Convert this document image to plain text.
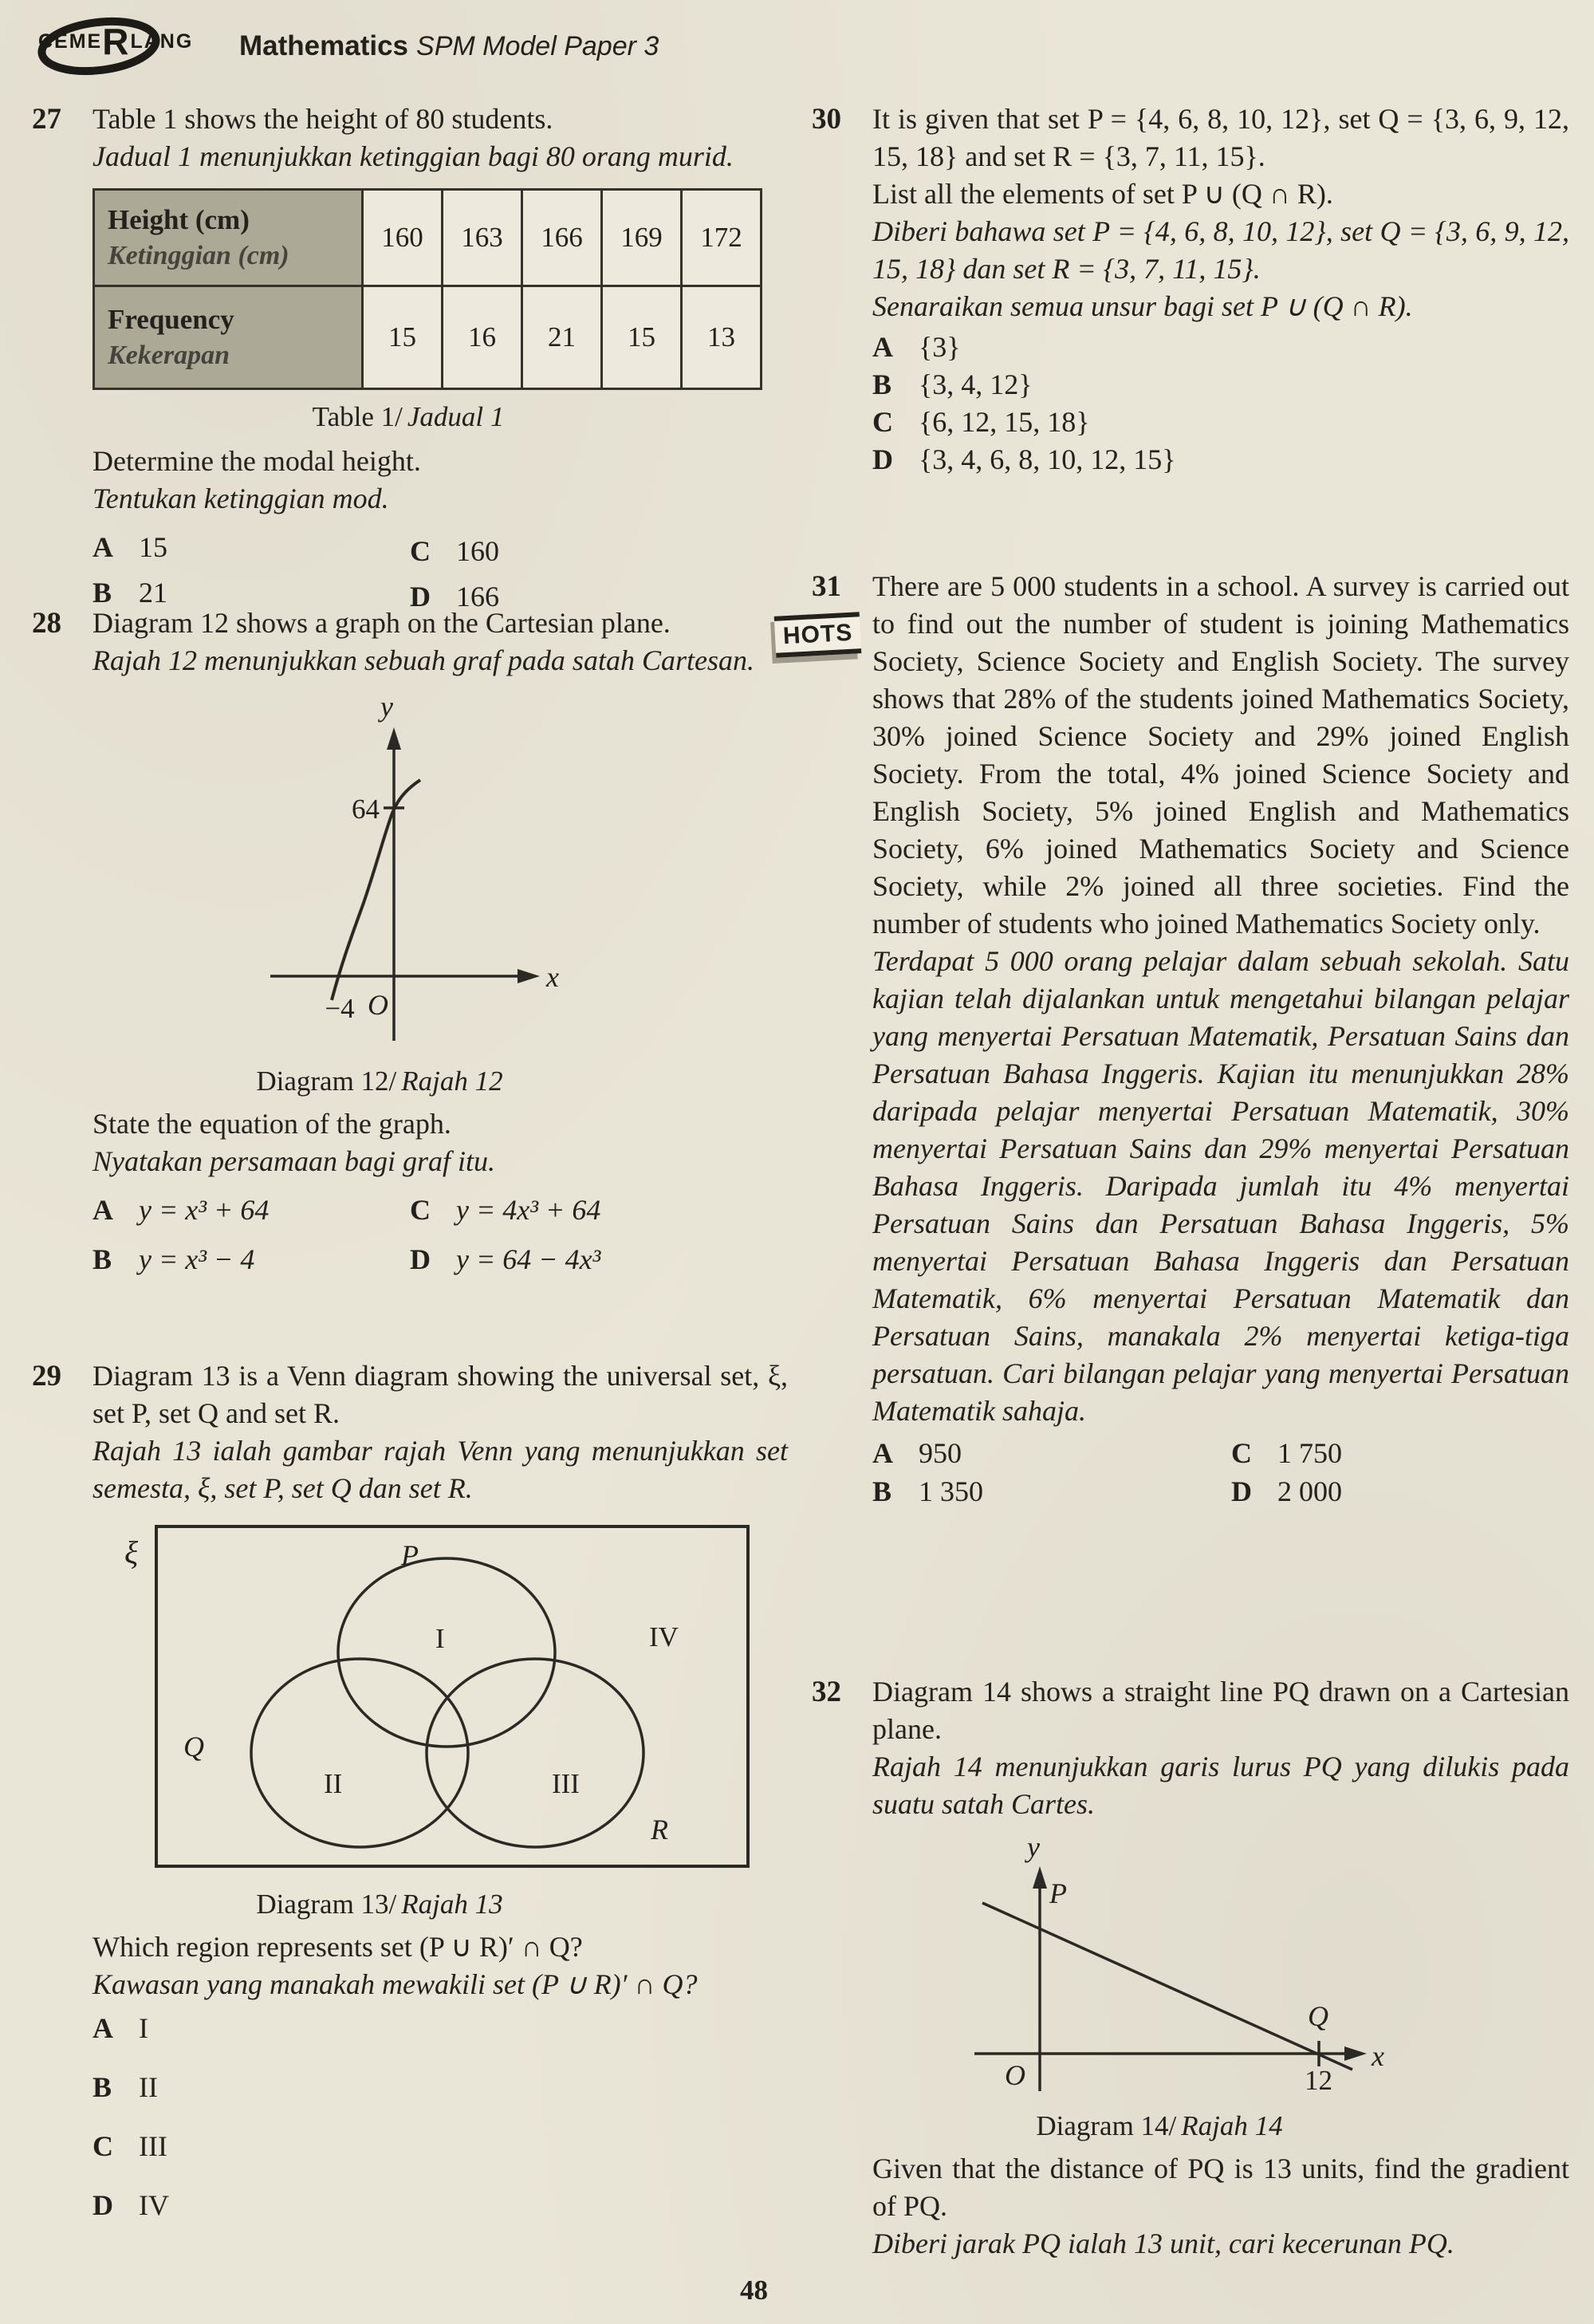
CEMERLANG Mathematics SPM Model Paper 3
27 Table 1 shows the height of 80 students.
Jadual 1 menunjukkan ketinggian bagi 80 orang murid.
Height (cm)
Ketinggian (cm)	160	163	166	169	172

Frequency
Kekerapan	15	16	21	15	13
Table 1/ Jadual 1
Determine the modal height.
Tentukan ketinggian mod.
A 15
B 21
C 160
D 166
28 Diagram 12 shows a graph on the Cartesian plane.
Rajah 12 menunjukkan sebuah graf pada satah Cartesan.
y
x
64
−4 O
Diagram 12/ Rajah 12
State the equation of the graph.
Nyatakan persamaan bagi graf itu.
A y = x³ + 64
B y = x³ − 4
C y = 4x³ + 64
D y = 64 − 4x³
29 Diagram 13 is a Venn diagram showing the universal set, ξ, set P, set Q and set R.
Rajah 13 ialah gambar rajah Venn yang menunjukkan set semesta, ξ, set P, set Q dan set R.
ξ	P
IV
I
Q
II	III
R
Diagram 13/ Rajah 13
Which region represents set (P ∪ R)′ ∩ Q?
Kawasan yang manakah mewakili set (P ∪ R)′ ∩ Q?
A I
B II
C III
D IV
30 It is given that set P = {4, 6, 8, 10, 12}, set Q = {3, 6, 9, 12, 15, 18} and set R = {3, 7, 11, 15}.
List all the elements of set P ∪ (Q ∩ R).
Diberi bahawa set P = {4, 6, 8, 10, 12}, set Q = {3, 6, 9, 12, 15, 18} dan set R = {3, 7, 11, 15}.
Senaraikan semua unsur bagi set P ∪ (Q ∩ R).
A {3}
B {3, 4, 12}
C {6, 12, 15, 18}
D {3, 4, 6, 8, 10, 12, 15}
31
HOTS
There are 5 000 students in a school. A survey is carried out to find out the number of student is joining Mathematics Society, Science Society and English Society. The survey shows that 28% of the students joined Mathematics Society, 30% joined Science Society and 29% joined English Society. From the total, 4% joined Science Society and English Society, 5% joined English and Mathematics Society, 6% joined Mathematics Society and Science Society, while 2% joined all three societies. Find the number of students who joined Mathematics Society only.
Terdapat 5 000 orang pelajar dalam sebuah sekolah. Satu kajian telah dijalankan untuk mengetahui bilangan pelajar yang menyertai Persatuan Matematik, Persatuan Sains dan Persatuan Bahasa Inggeris. Kajian itu menunjukkan 28% daripada pelajar menyertai Persatuan Matematik, 30% menyertai Persatuan Sains dan 29% menyertai Persatuan Bahasa Inggeris. Daripada jumlah itu 4% menyertai Persatuan Sains dan Persatuan Bahasa Inggeris, 5% menyertai Persatuan Bahasa Inggeris dan Persatuan Matematik, 6% menyertai Persatuan Matematik dan Persatuan Sains, manakala 2% menyertai ketiga-tiga persatuan. Cari bilangan pelajar yang menyertai Persatuan Matematik sahaja.
A 950
B 1 350
C 1 750
D 2 000
32 Diagram 14 shows a straight line PQ drawn on a Cartesian plane.
Rajah 14 menunjukkan garis lurus PQ yang dilukis pada suatu satah Cartes.
y
x
P
Q
12
O
Diagram 14/ Rajah 14
Given that the distance of PQ is 13 units, find the gradient of PQ.
Diberi jarak PQ ialah 13 unit, cari kecerunan PQ.
48
